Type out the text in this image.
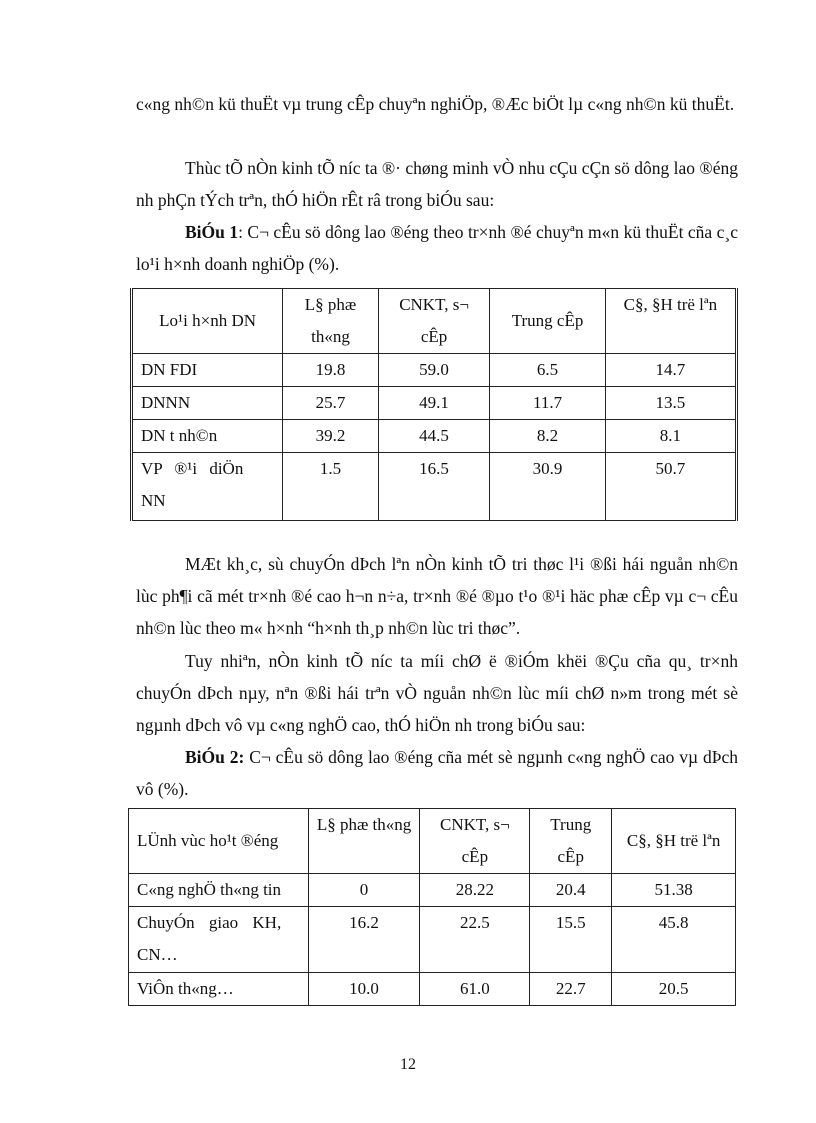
c«ng nh©n kü thuËt vµ trung cÊp chuyªn nghiÖp, ®Æc biÖt lµ c«ng nh©n kü thuËt.

Thùc tÕ nÒn kinh tÕ níc ta ®· chøng minh vÒ nhu cÇu cÇn sö dông lao ®éng nh phÇn tÝch trªn, thÓ hiÖn rÊt râ trong biÓu sau:

BiÓu 1: C¬ cÊu sö dông lao ®éng theo tr×nh ®é chuyªn m«n kü thuËt cña c¸c lo¹i h×nh doanh nghiÖp (%).

Lo¹i h×nh DN	L§ phæ th«ng	CNKT, s¬ cÊp	Trung cÊp	C§, §H trë lªn
DN FDI	19.8	59.0	6.5	14.7
DNNN	25.7	49.1	11.7	13.5
DN t nh©n	39.2	44.5	8.2	8.1
VP ®¹i diÖn NN	1.5	16.5	30.9	50.7

MÆt kh¸c, sù chuyÓn dÞch lªn nÒn kinh tÕ tri thøc l¹i ®ßi hái nguån nh©n lùc ph¶i cã mét tr×nh ®é cao h¬n n÷a, tr×nh ®é ®µo t¹o ®¹i häc phæ cÊp vµ c¬ cÊu nh©n lùc theo m« h×nh “h×nh th¸p nh©n lùc tri thøc”.

Tuy nhiªn, nÒn kinh tÕ níc ta míi chØ ë ®iÓm khëi ®Çu cña qu¸ tr×nh chuyÓn dÞch nµy, nªn ®ßi hái trªn vÒ nguån nh©n lùc míi chØ n»m trong mét sè ngµnh dÞch vô vµ c«ng nghÖ cao, thÓ hiÖn nh trong biÓu sau:

BiÓu 2: C¬ cÊu sö dông lao ®éng cña mét sè ngµnh c«ng nghÖ cao vµ dÞch vô (%).

LÜnh vùc ho¹t ®éng	L§ phæ th«ng	CNKT, s¬ cÊp	Trung cÊp	C§, §H trë lªn
C«ng nghÖ th«ng tin	0	28.22	20.4	51.38
ChuyÓn giao KH, CN…	16.2	22.5	15.5	45.8
ViÔn th«ng…	10.0	61.0	22.7	20.5
12
